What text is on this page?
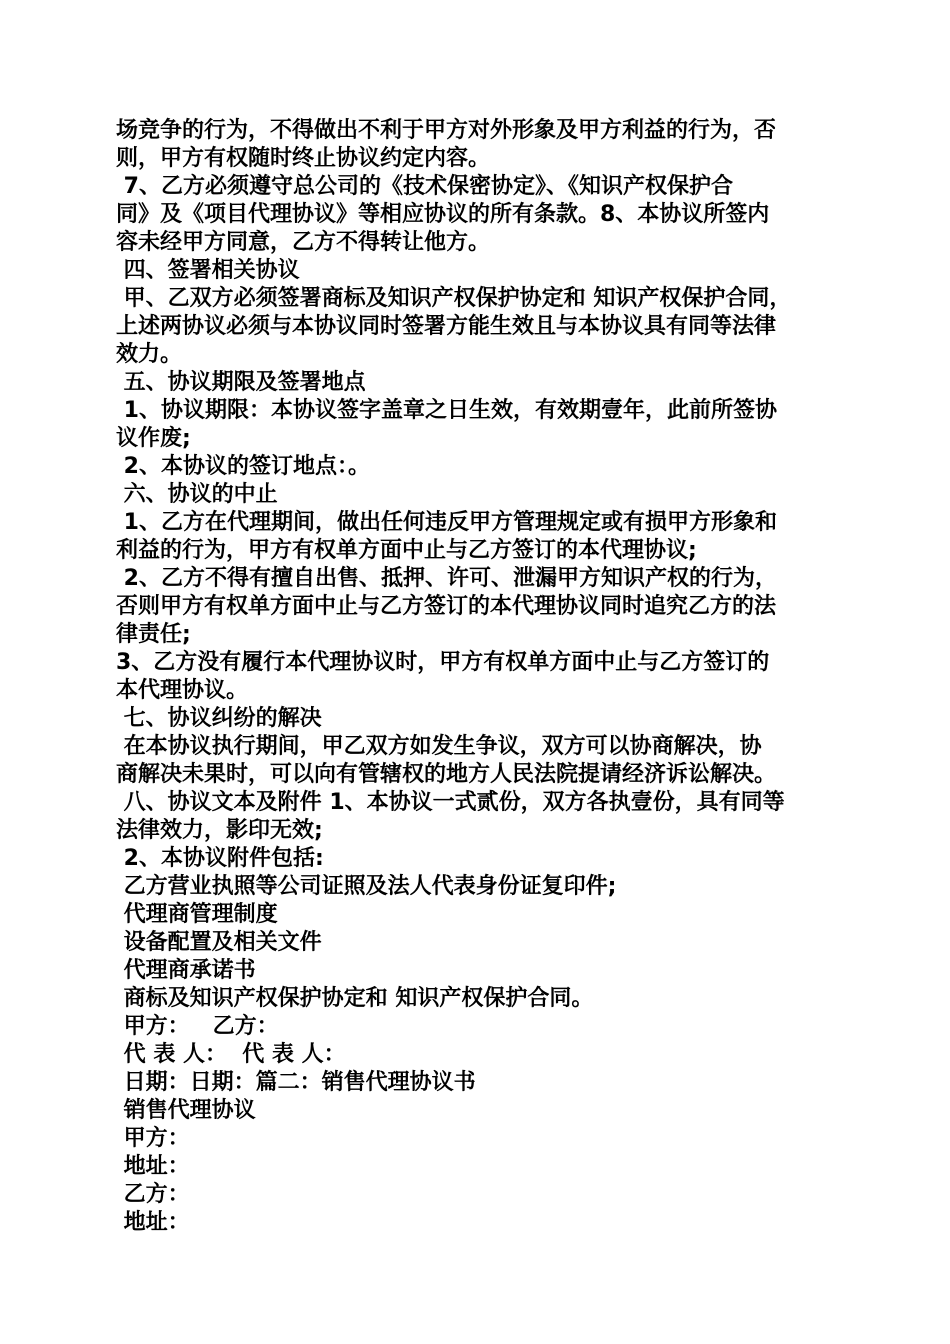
场竞争的行为，不得做出不利于甲方对外形象及甲方利益的行为，否
则，甲方有权随时终止协议约定内容。
7、乙方必须遵守总公司的《技术保密协定》、《知识产权保护合
同》及《项目代理协议》等相应协议的所有条款。8、本协议所签内
容未经甲方同意，乙方不得转让他方。
四、签署相关协议
甲、乙双方必须签署商标及知识产权保护协定和 知识产权保护合同，
上述两协议必须与本协议同时签署方能生效且与本协议具有同等法律
效力。
五、协议期限及签署地点
1、协议期限：本协议签字盖章之日生效，有效期壹年，此前所签协
议作废;
2、本协议的签订地点：。
六、协议的中止
1、乙方在代理期间，做出任何违反甲方管理规定或有损甲方形象和
利益的行为，甲方有权单方面中止与乙方签订的本代理协议;
2、乙方不得有擅自出售、抵押、许可、泄漏甲方知识产权的行为，
否则甲方有权单方面中止与乙方签订的本代理协议同时追究乙方的法
律责任;
3、乙方没有履行本代理协议时，甲方有权单方面中止与乙方签订的
本代理协议。
七、协议纠纷的解决
在本协议执行期间，甲乙双方如发生争议，双方可以协商解决，协
商解决未果时，可以向有管辖权的地方人民法院提请经济诉讼解决。
八、协议文本及附件 1、本协议一式贰份，双方各执壹份，具有同等
法律效力，影印无效;
2、本协议附件包括:
乙方营业执照等公司证照及法人代表身份证复印件;
代理商管理制度
设备配置及相关文件
代理商承诺书
商标及知识产权保护协定和 知识产权保护合同。
甲方：   乙方：
代 表 人：  代 表 人：
日期：日期：篇二：销售代理协议书
销售代理协议
甲方：
地址：
乙方：
地址：
